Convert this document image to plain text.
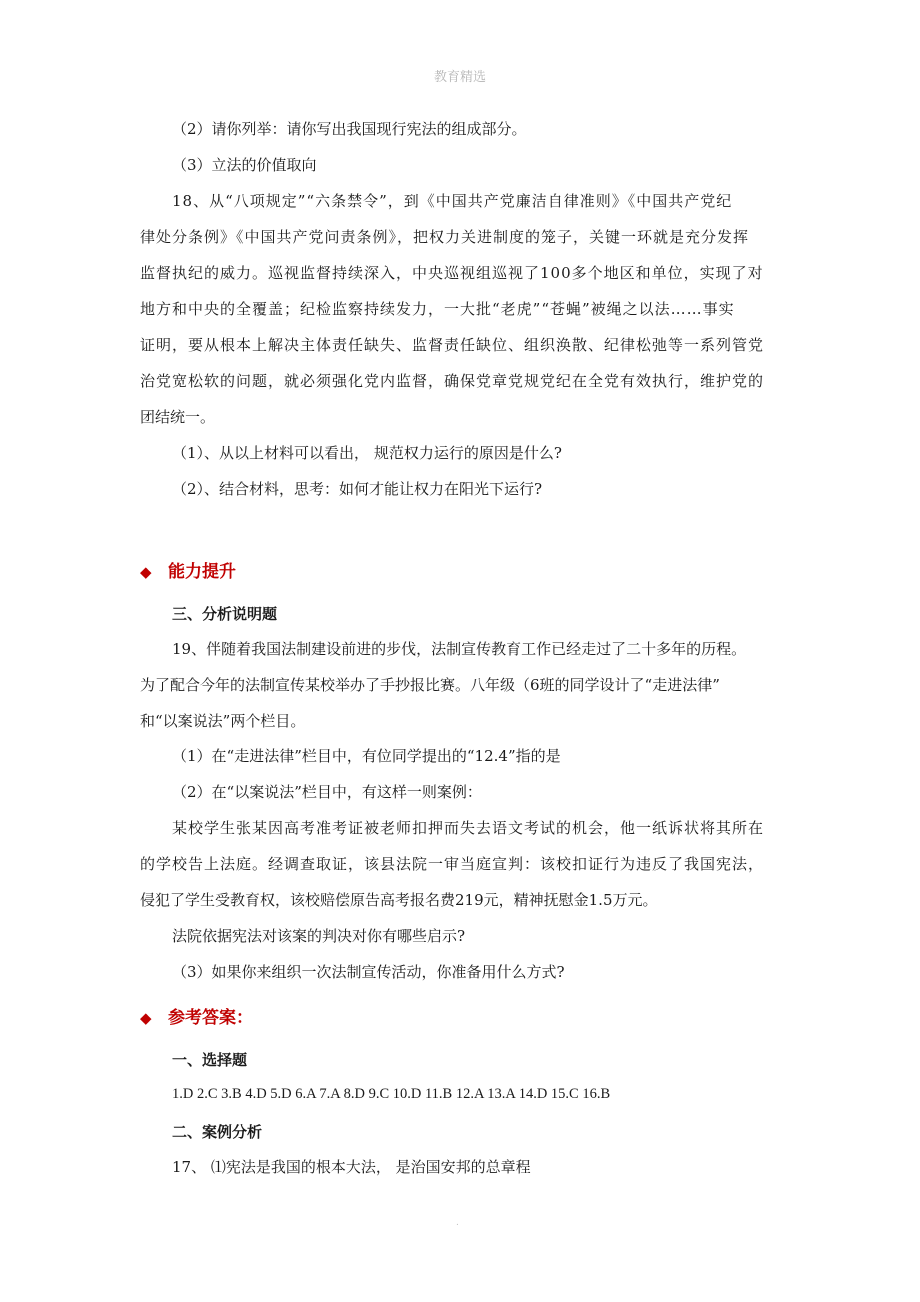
教育精选
（2）请你列举：请你写出我国现行宪法的组成部分。
（3）立法的价值取向
18、从“八项规定”“六条禁令”，到《中国共产党廉洁自律准则》《中国共产党纪
律处分条例》《中国共产党问责条例》，把权力关进制度的笼子，关键一环就是充分发挥
监督执纪的威力。巡视监督持续深入，中央巡视组巡视了100多个地区和单位，实现了对
地方和中央的全覆盖；纪检监察持续发力，一大批“老虎”“苍蝇”被绳之以法……事实
证明，要从根本上解决主体责任缺失、监督责任缺位、组织涣散、纪律松弛等一系列管党
治党宽松软的问题，就必须强化党内监督，确保党章党规党纪在全党有效执行，维护党的
团结统一。
（1）、从以上材料可以看出， 规范权力运行的原因是什么?
（2）、结合材料，思考：如何才能让权力在阳光下运行?
◆ 能力提升
三、分析说明题
19、伴随着我国法制建设前进的步伐，法制宣传教育工作已经走过了二十多年的历程。
为了配合今年的法制宣传某校举办了手抄报比赛。八年级（6班的同学设计了“走进法律”
和“以案说法”两个栏目。
（1）在“走进法律”栏目中，有位同学提出的“12.4”指的是
（2）在“以案说法”栏目中，有这样一则案例：
某校学生张某因高考准考证被老师扣押而失去语文考试的机会，他一纸诉状将其所在
的学校告上法庭。经调查取证，该县法院一审当庭宣判：该校扣证行为违反了我国宪法，
侵犯了学生受教育权，该校赔偿原告高考报名费219元，精神抚慰金1.5万元。
法院依据宪法对该案的判决对你有哪些启示?
（3）如果你来组织一次法制宣传活动，你准备用什么方式?
◆ 参考答案：
一、选择题
1.D 2.C 3.B 4.D 5.D 6.A 7.A 8.D 9.C 10.D 11.B 12.A 13.A 14.D 15.C 16.B
二、案例分析
17、 ⑴宪法是我国的根本大法， 是治国安邦的总章程
.
